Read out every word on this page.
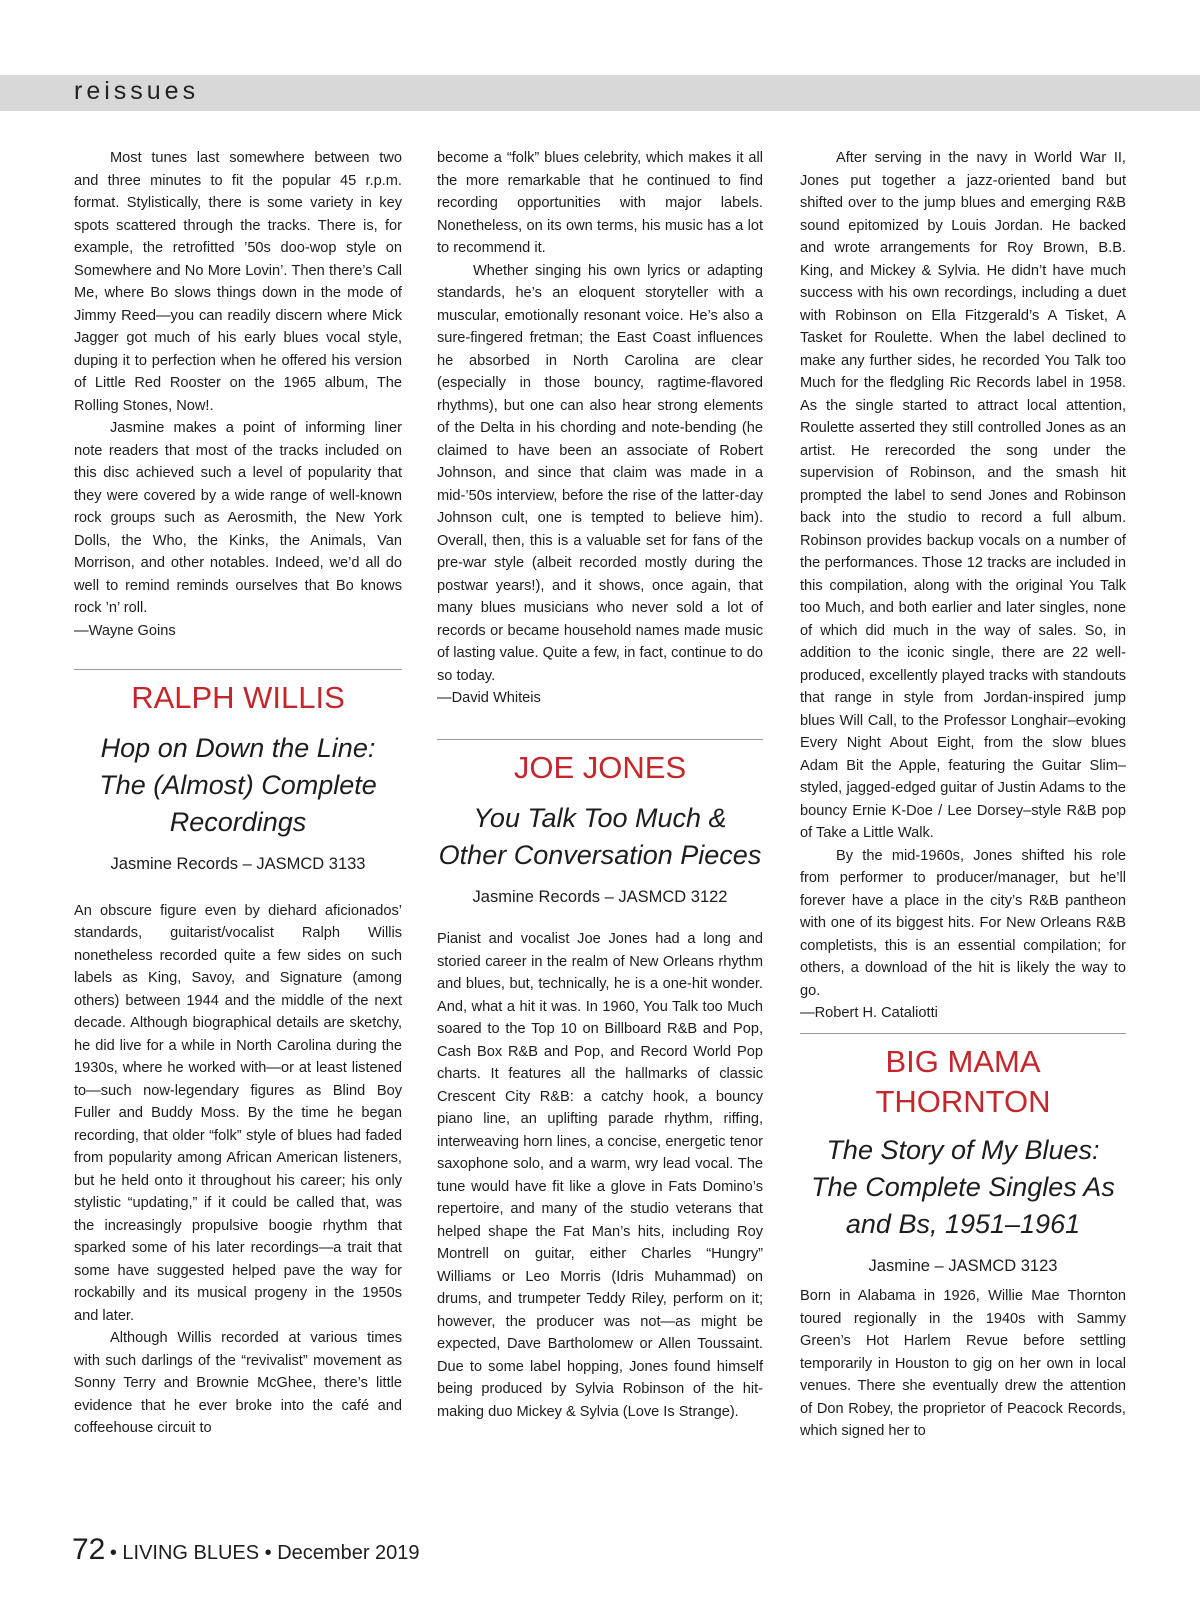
reissues

Most tunes last somewhere between two and three minutes to fit the popular 45 r.p.m. format. Stylistically, there is some variety in key spots scattered through the tracks. There is, for example, the retrofitted ’50s doo-wop style on Somewhere and No More Lovin’. Then there’s Call Me, where Bo slows things down in the mode of Jimmy Reed—you can readily discern where Mick Jagger got much of his early blues vocal style, duping it to perfection when he offered his version of Little Red Rooster on the 1965 album, The Rolling Stones, Now!.

Jasmine makes a point of informing liner note readers that most of the tracks included on this disc achieved such a level of popularity that they were covered by a wide range of well-known rock groups such as Aerosmith, the New York Dolls, the Who, the Kinks, the Animals, Van Morrison, and other notables. Indeed, we’d all do well to remind reminds ourselves that Bo knows rock ’n’ roll.

—Wayne Goins

RALPH WILLIS
Hop on Down the Line: The (Almost) Complete Recordings
Jasmine Records – JASMCD 3133

An obscure figure even by diehard aficionados’ standards, guitarist/vocalist Ralph Willis nonetheless recorded quite a few sides on such labels as King, Savoy, and Signature (among others) between 1944 and the middle of the next decade. Although biographical details are sketchy, he did live for a while in North Carolina during the 1930s, where he worked with—or at least listened to—such now-legendary figures as Blind Boy Fuller and Buddy Moss. By the time he began recording, that older “folk” style of blues had faded from popularity among African American listeners, but he held onto it throughout his career; his only stylistic “updating,” if it could be called that, was the increasingly propulsive boogie rhythm that sparked some of his later recordings—a trait that some have suggested helped pave the way for rockabilly and its musical progeny in the 1950s and later.

Although Willis recorded at various times with such darlings of the “revivalist” movement as Sonny Terry and Brownie McGhee, there’s little evidence that he ever broke into the café and coffeehouse circuit to

become a “folk” blues celebrity, which makes it all the more remarkable that he continued to find recording opportunities with major labels. Nonetheless, on its own terms, his music has a lot to recommend it.

Whether singing his own lyrics or adapting standards, he’s an eloquent storyteller with a muscular, emotionally resonant voice. He’s also a sure-fingered fretman; the East Coast influences he absorbed in North Carolina are clear (especially in those bouncy, ragtime-flavored rhythms), but one can also hear strong elements of the Delta in his chording and note-bending (he claimed to have been an associate of Robert Johnson, and since that claim was made in a mid-’50s interview, before the rise of the latter-day Johnson cult, one is tempted to believe him). Overall, then, this is a valuable set for fans of the pre-war style (albeit recorded mostly during the postwar years!), and it shows, once again, that many blues musicians who never sold a lot of records or became household names made music of lasting value. Quite a few, in fact, continue to do so today.

—David Whiteis

JOE JONES
You Talk Too Much & Other Conversation Pieces
Jasmine Records – JASMCD 3122

Pianist and vocalist Joe Jones had a long and storied career in the realm of New Orleans rhythm and blues, but, technically, he is a one-hit wonder. And, what a hit it was. In 1960, You Talk too Much soared to the Top 10 on Billboard R&B and Pop, Cash Box R&B and Pop, and Record World Pop charts. It features all the hallmarks of classic Crescent City R&B: a catchy hook, a bouncy piano line, an uplifting parade rhythm, riffing, interweaving horn lines, a concise, energetic tenor saxophone solo, and a warm, wry lead vocal. The tune would have fit like a glove in Fats Domino’s repertoire, and many of the studio veterans that helped shape the Fat Man’s hits, including Roy Montrell on guitar, either Charles “Hungry” Williams or Leo Morris (Idris Muhammad) on drums, and trumpeter Teddy Riley, perform on it; however, the producer was not—as might be expected, Dave Bartholomew or Allen Toussaint. Due to some label hopping, Jones found himself being produced by Sylvia Robinson of the hit-making duo Mickey & Sylvia (Love Is Strange).

After serving in the navy in World War II, Jones put together a jazz-oriented band but shifted over to the jump blues and emerging R&B sound epitomized by Louis Jordan. He backed and wrote arrangements for Roy Brown, B.B. King, and Mickey & Sylvia. He didn’t have much success with his own recordings, including a duet with Robinson on Ella Fitzgerald’s A Tisket, A Tasket for Roulette. When the label declined to make any further sides, he recorded You Talk too Much for the fledgling Ric Records label in 1958. As the single started to attract local attention, Roulette asserted they still controlled Jones as an artist. He rerecorded the song under the supervision of Robinson, and the smash hit prompted the label to send Jones and Robinson back into the studio to record a full album. Robinson provides backup vocals on a number of the performances. Those 12 tracks are included in this compilation, along with the original You Talk too Much, and both earlier and later singles, none of which did much in the way of sales. So, in addition to the iconic single, there are 22 well-produced, excellently played tracks with standouts that range in style from Jordan-inspired jump blues Will Call, to the Professor Longhair–evoking Every Night About Eight, from the slow blues Adam Bit the Apple, featuring the Guitar Slim–styled, jagged-edged guitar of Justin Adams to the bouncy Ernie K-Doe / Lee Dorsey–style R&B pop of Take a Little Walk.

By the mid-1960s, Jones shifted his role from performer to producer/manager, but he’ll forever have a place in the city’s R&B pantheon with one of its biggest hits. For New Orleans R&B completists, this is an essential compilation; for others, a download of the hit is likely the way to go.

—Robert H. Cataliotti

BIG MAMA THORNTON
The Story of My Blues: The Complete Singles As and Bs, 1951–1961
Jasmine – JASMCD 3123

Born in Alabama in 1926, Willie Mae Thornton toured regionally in the 1940s with Sammy Green’s Hot Harlem Revue before settling temporarily in Houston to gig on her own in local venues. There she eventually drew the attention of Don Robey, the proprietor of Peacock Records, which signed her to

72 • LIVING BLUES • December 2019
